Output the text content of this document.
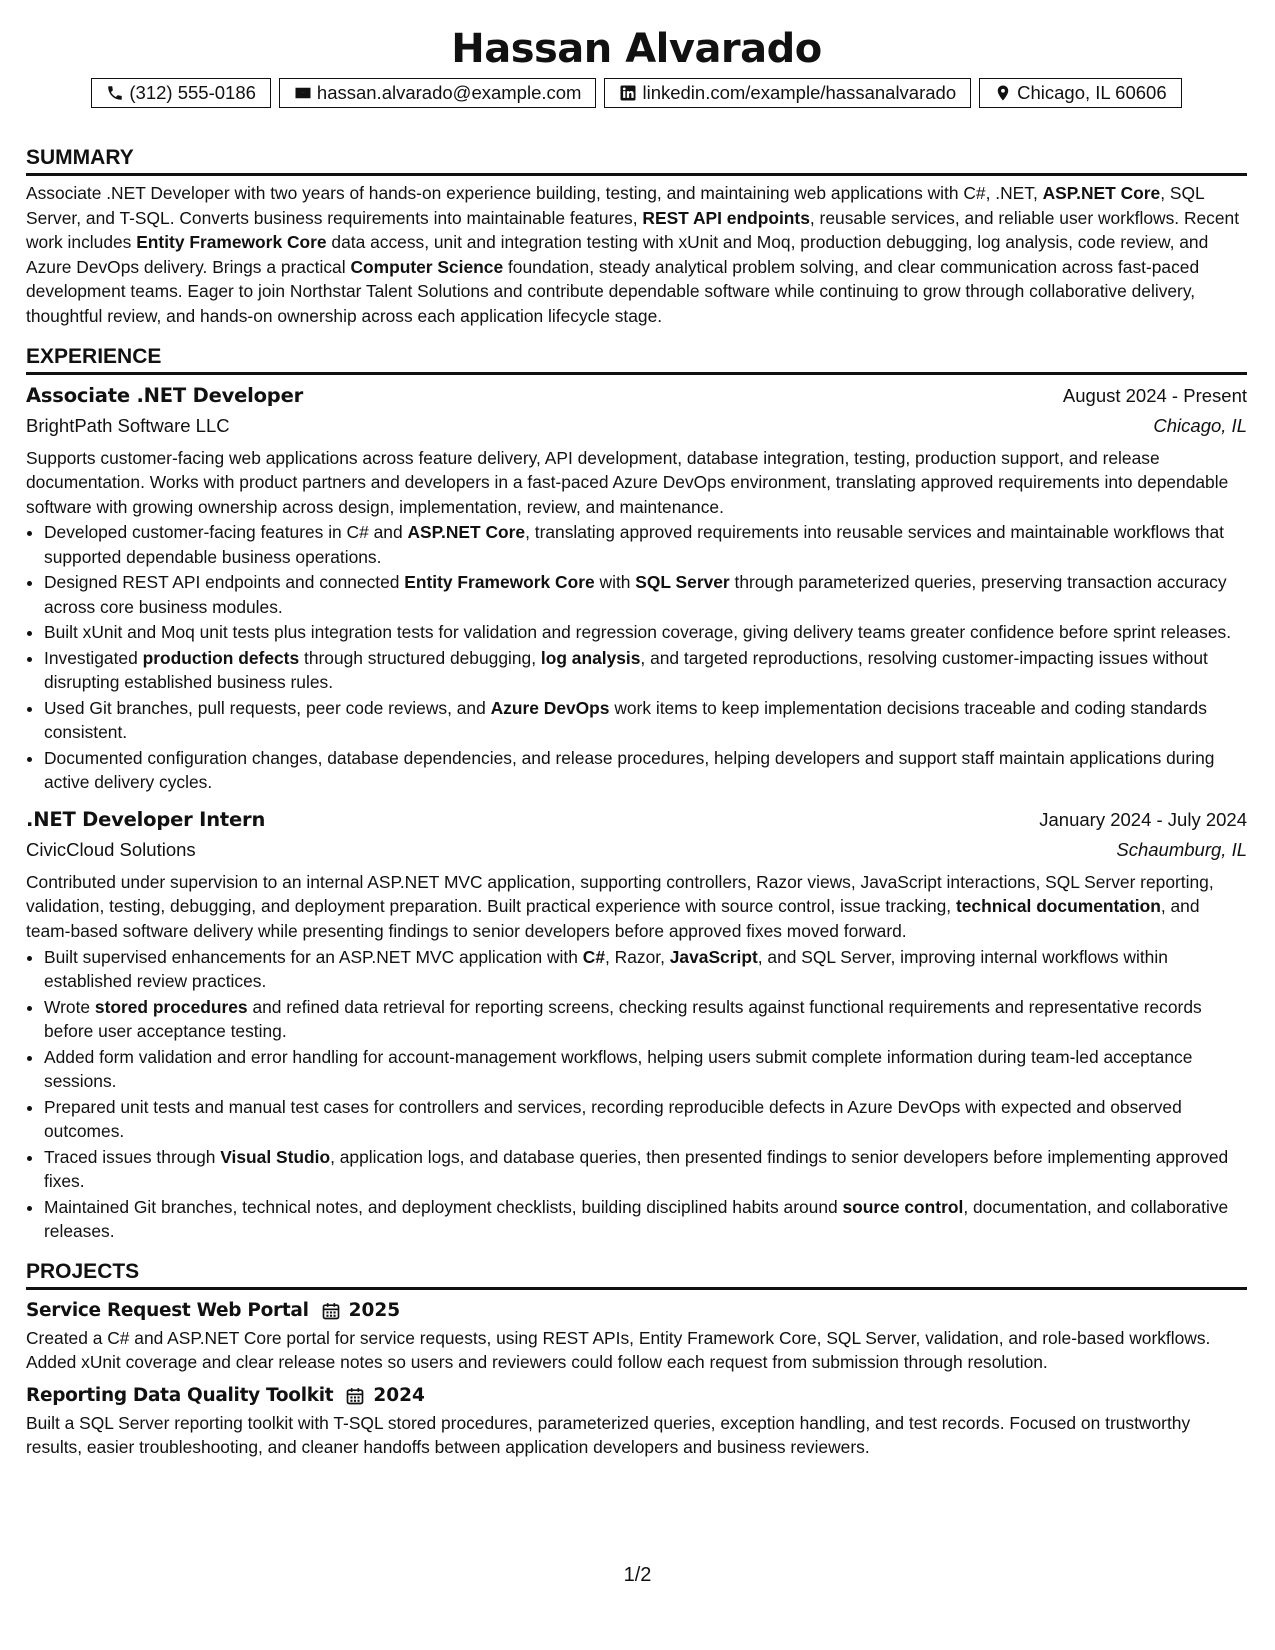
Hassan Alvarado
(312) 555-0186	hassan.alvarado@example.com	linkedin.com/example/hassanalvarado	Chicago, IL 60606
SUMMARY

Associate .NET Developer with two years of hands-on experience building, testing, and maintaining web applications with C#, .NET, ASP.NET Core, SQL Server, and T-SQL. Converts business requirements into maintainable features, REST API endpoints, reusable services, and reliable user workflows. Recent work includes Entity Framework Core data access, unit and integration testing with xUnit and Moq, production debugging, log analysis, code review, and Azure DevOps delivery. Brings a practical Computer Science foundation, steady analytical problem solving, and clear communication across fast-paced development teams. Eager to join Northstar Talent Solutions and contribute dependable software while continuing to grow through collaborative delivery, thoughtful review, and hands-on ownership across each application lifecycle stage.

EXPERIENCE
Associate .NET Developer	August 2024 - Present
BrightPath Software LLC	Chicago, IL

Supports customer-facing web applications across feature delivery, API development, database integration, testing, production support, and release documentation. Works with product partners and developers in a fast-paced Azure DevOps environment, translating approved requirements into dependable software with growing ownership across design, implementation, review, and maintenance.

• Developed customer-facing features in C# and ASP.NET Core, translating approved requirements into reusable services and maintainable workflows that supported dependable business operations.
• Designed REST API endpoints and connected Entity Framework Core with SQL Server through parameterized queries, preserving transaction accuracy across core business modules.
• Built xUnit and Moq unit tests plus integration tests for validation and regression coverage, giving delivery teams greater confidence before sprint releases.
• Investigated production defects through structured debugging, log analysis, and targeted reproductions, resolving customer-impacting issues without disrupting established business rules.
• Used Git branches, pull requests, peer code reviews, and Azure DevOps work items to keep implementation decisions traceable and coding standards consistent.
• Documented configuration changes, database dependencies, and release procedures, helping developers and support staff maintain applications during active delivery cycles.
.NET Developer Intern	January 2024 - July 2024
CivicCloud Solutions	Schaumburg, IL

Contributed under supervision to an internal ASP.NET MVC application, supporting controllers, Razor views, JavaScript interactions, SQL Server reporting, validation, testing, debugging, and deployment preparation. Built practical experience with source control, issue tracking, technical documentation, and team-based software delivery while presenting findings to senior developers before approved fixes moved forward.

• Built supervised enhancements for an ASP.NET MVC application with C#, Razor, JavaScript, and SQL Server, improving internal workflows within established review practices.
• Wrote stored procedures and refined data retrieval for reporting screens, checking results against functional requirements and representative records before user acceptance testing.
• Added form validation and error handling for account-management workflows, helping users submit complete information during team-led acceptance sessions.
• Prepared unit tests and manual test cases for controllers and services, recording reproducible defects in Azure DevOps with expected and observed outcomes.
• Traced issues through Visual Studio, application logs, and database queries, then presented findings to senior developers before implementing approved fixes.
• Maintained Git branches, technical notes, and deployment checklists, building disciplined habits around source control, documentation, and collaborative releases.
PROJECTS
Service Request Web Portal 2025

Created a C# and ASP.NET Core portal for service requests, using REST APIs, Entity Framework Core, SQL Server, validation, and role-based workflows. Added xUnit coverage and clear release notes so users and reviewers could follow each request from submission through resolution.

Reporting Data Quality Toolkit 2024

Built a SQL Server reporting toolkit with T-SQL stored procedures, parameterized queries, exception handling, and test records. Focused on trustworthy results, easier troubleshooting, and cleaner handoffs between application developers and business reviewers.

1/2
